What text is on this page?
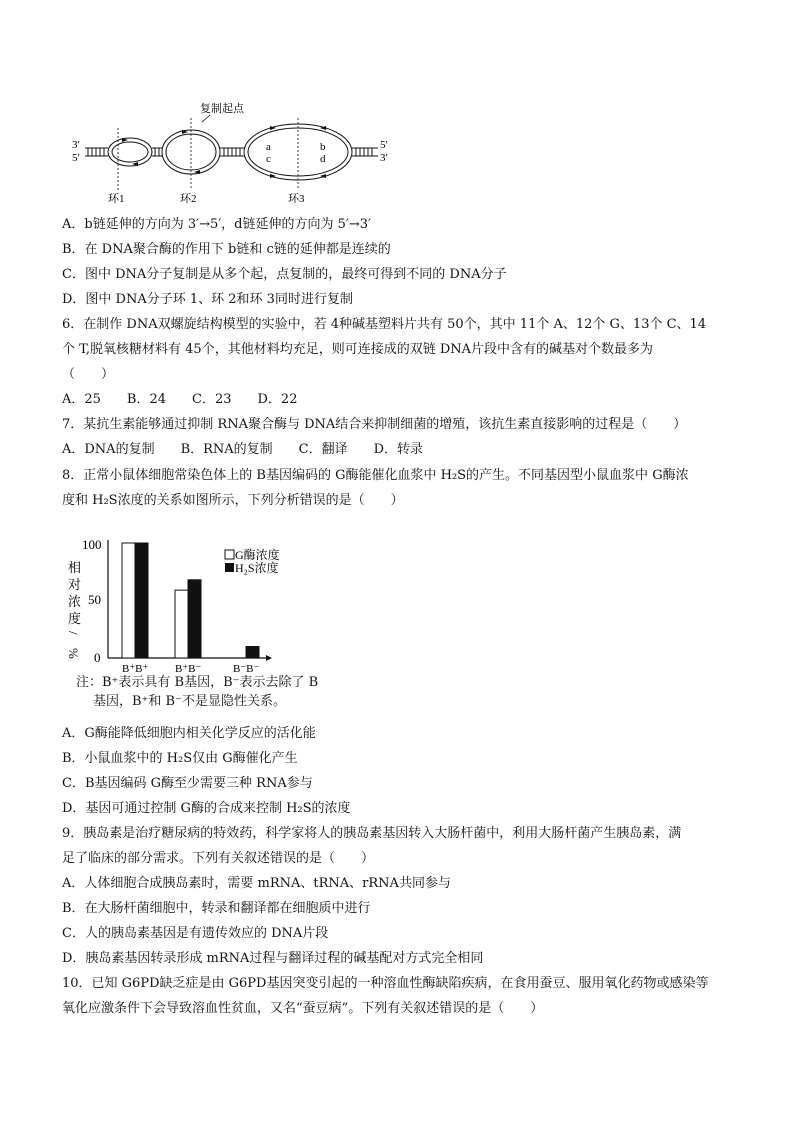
复制起点
3′
5′
5′
3′
a
c
b
d
环1	环2	环3
A．b链延伸的方向为 3′→5′，d链延伸的方向为 5′→3′
B．在 DNA聚合酶的作用下 b链和 c链的延伸都是连续的
C．图中 DNA分子复制是从多个起，点复制的，最终可得到不同的 DNA分子
D．图中 DNA分子环 1、环 2和环 3同时进行复制
6．在制作 DNA双螺旋结构模型的实验中，若 4种碱基塑料片共有 50个，其中 11个 A、12个 G、13个 C、14
个 T,脱氧核糖材料有 45个，其他材料均充足，则可连接成的双链 DNA片段中含有的碱基对个数最多为
（　　）
A．25　　B．24　　C．23　　D．22
7．某抗生素能够通过抑制 RNA聚合酶与 DNA结合来抑制细菌的增殖，该抗生素直接影响的过程是（　　）
A．DNA的复制　　B．RNA的复制　　C．翻译　　D．转录
8．正常小鼠体细胞常染色体上的 B基因编码的 G酶能催化血浆中 H₂S的产生。不同基因型小鼠血浆中 G酶浓
度和 H₂S浓度的关系如图所示，下列分析错误的是（　　）
相
对
浓
度
/
%
100
50
0
B⁺B⁺ B⁺B⁻	B⁻B⁻
G酶浓度
H₂S浓度
注：B⁺表示具有 B基因，B⁻表示去除了 B
基因，B⁺和 B⁻不是显隐性关系。
A．G酶能降低细胞内相关化学反应的活化能
B．小鼠血浆中的 H₂S仅由 G酶催化产生
C．B基因编码 G酶至少需要三种 RNA参与
D．基因可通过控制 G酶的合成来控制 H₂S的浓度
9．胰岛素是治疗糖尿病的特效药，科学家将人的胰岛素基因转入大肠杆菌中，利用大肠杆菌产生胰岛素，满
足了临床的部分需求。下列有关叙述错误的是（　　）
A．人体细胞合成胰岛素时，需要 mRNA、tRNA、rRNA共同参与
B．在大肠杆菌细胞中，转录和翻译都在细胞质中进行
C．人的胰岛素基因是有遗传效应的 DNA片段
D．胰岛素基因转录形成 mRNA过程与翻译过程的碱基配对方式完全相同
10．已知 G6PD缺乏症是由 G6PD基因突变引起的一种溶血性酶缺陷疾病，在食用蚕豆、服用氧化药物或感染等
氧化应激条件下会导致溶血性贫血，又名“蚕豆病”。下列有关叙述错误的是（　　）
